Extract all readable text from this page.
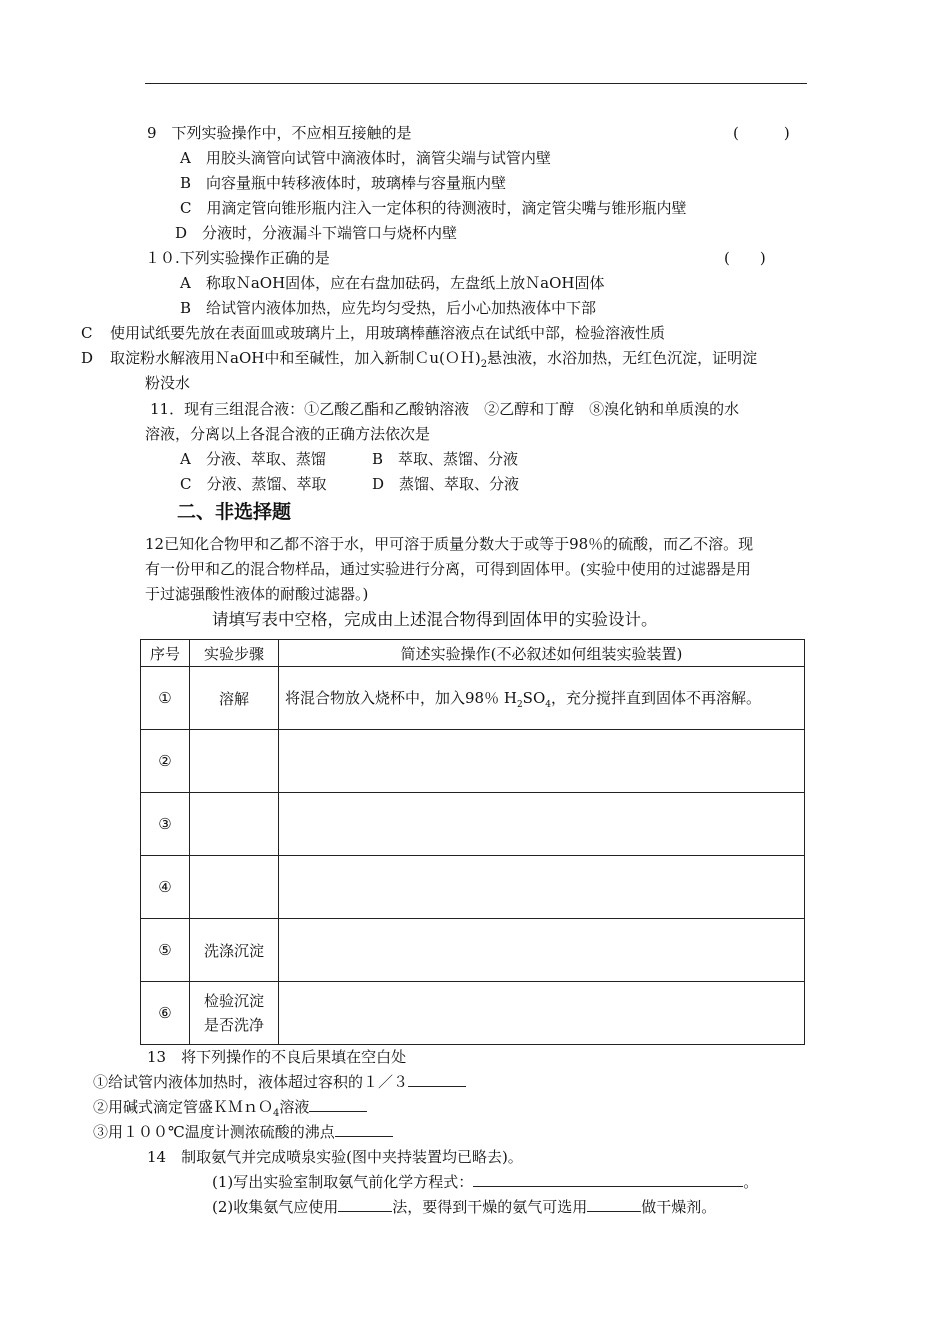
9　下列实验操作中，不应相互接触的是	(　　　)
A　用胶头滴管向试管中滴液体时，滴管尖端与试管内壁
B　向容量瓶中转移液体时，玻璃棒与容量瓶内壁
C　用滴定管向锥形瓶内注入一定体积的待测液时，滴定管尖嘴与锥形瓶内壁
D　分液时，分液漏斗下端管口与烧杯内壁
１０.下列实验操作正确的是	(　　)
A　称取ＮaOH固体，应在右盘加砝码，左盘纸上放ＮaOH固体
B　给试管内液体加热，应先均匀受热，后小心加热液体中下部
C 使用试纸要先放在表面皿或玻璃片上，用玻璃棒蘸溶液点在试纸中部，检验溶液性质
D 取淀粉水解液用ＮaOH中和至碱性，加入新制$Cu(OH)_2$悬浊液，水浴加热，无红色沉淀，证明淀
粉没水
11．现有三组混合液：①乙酸乙酯和乙酸钠溶液　②乙醇和丁醇　⑧溴化钠和单质溴的水
溶液，分离以上各混合液的正确方法依次是
A　分液、萃取、蒸馏	B　萃取、蒸馏、分液
C　分液、蒸馏、萃取	D　蒸馏、萃取、分液
二、非选择题
12已知化合物甲和乙都不溶于水，甲可溶于质量分数大于或等于98％的硫酸，而乙不溶。现
有一份甲和乙的混合物样品，通过实验进行分离，可得到固体甲。(实验中使用的过滤器是用
于过滤强酸性液体的耐酸过滤器。)
请填写表中空格，完成由上述混合物得到固体甲的实验设计。
序号	实验步骤	简述实验操作(不必叙述如何组装实验装置)
①	溶解	将混合物放入烧杯中，加入98％ $H_2SO_4$，充分搅拌直到固体不再溶解。
②		
③		
④		
⑤	洗涤沉淀	
⑥	检验沉淀
是否洗净	
13　将下列操作的不良后果填在空白处
①给试管内液体加热时，液体超过容积的１／３
②用碱式滴定管盛ＫＭｎＯ$_4$溶液
③用１００℃温度计测浓硫酸的沸点
14　制取氨气并完成喷泉实验(图中夹持装置均已略去)。
(1)写出实验室制取氨气前化学方程式：	。
(2)收集氨气应使用	法，要得到干燥的氨气可选用	做干燥剂。
